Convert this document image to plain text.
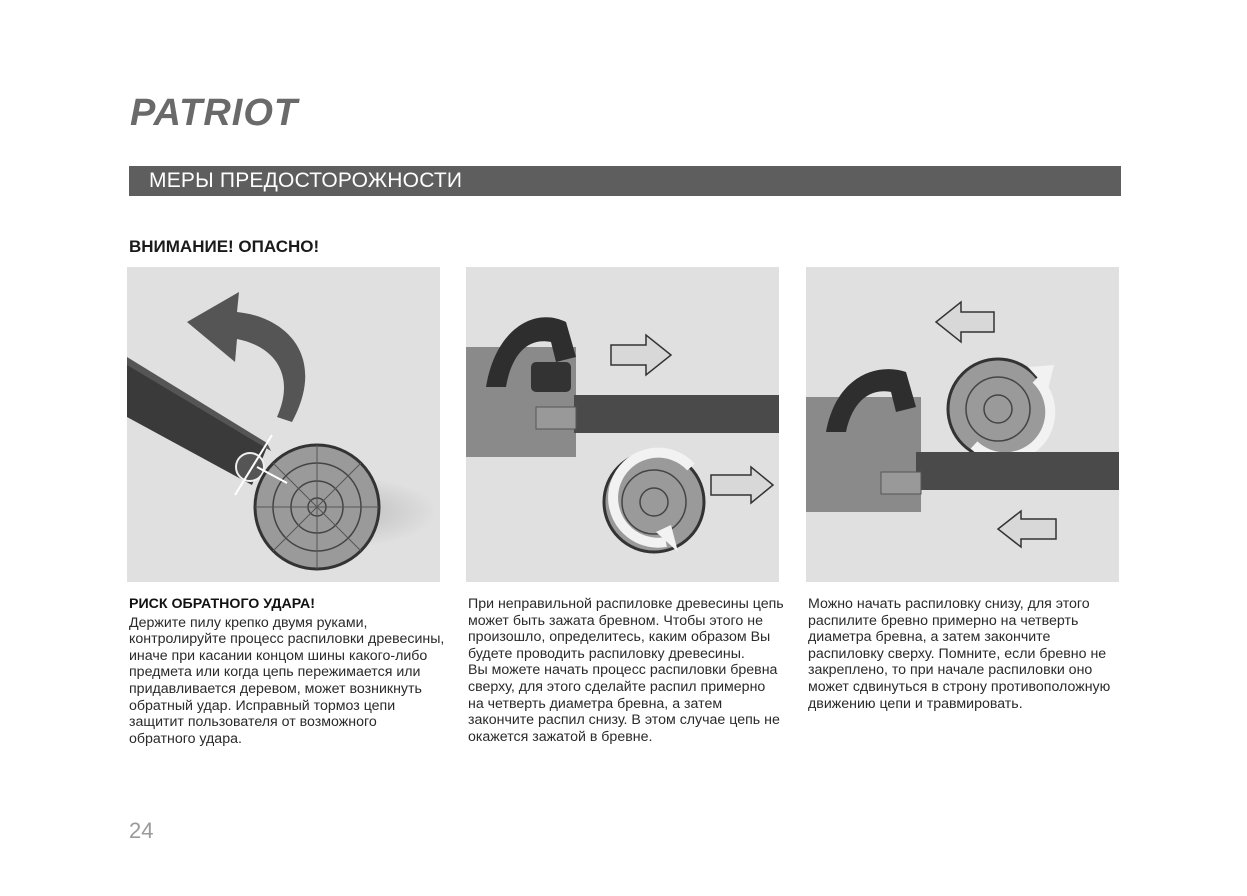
PATRIOT
МЕРЫ ПРЕДОСТОРОЖНОСТИ
ВНИМАНИЕ! ОПАСНО!
РИСК ОБРАТНОГО УДАРА!

Держите пилу крепко двумя руками, контролируйте процесс распиловки древесины, иначе при касании концом шины какого-либо предмета или когда цепь пережимается или придавливается деревом, может возникнуть обратный удар. Исправный тормоз цепи защитит пользователя от возможного обратного удара.

При неправильной распиловке древесины цепь может быть зажата бревном. Чтобы этого не произошло, определитесь, каким образом Вы будете проводить распиловку древесины.

Вы можете начать процесс распиловки бревна сверху, для этого сделайте распил примерно на четверть диаметра бревна, а затем закончите распил снизу. В этом случае цепь не окажется зажатой в бревне.

Можно начать распиловку снизу, для этого распилите бревно примерно на четверть диаметра бревна, а затем закончите распиловку сверху. Помните, если бревно не закреплено, то при начале распиловки оно может сдвинуться в строну противоположную движению цепи и травмировать.

24
